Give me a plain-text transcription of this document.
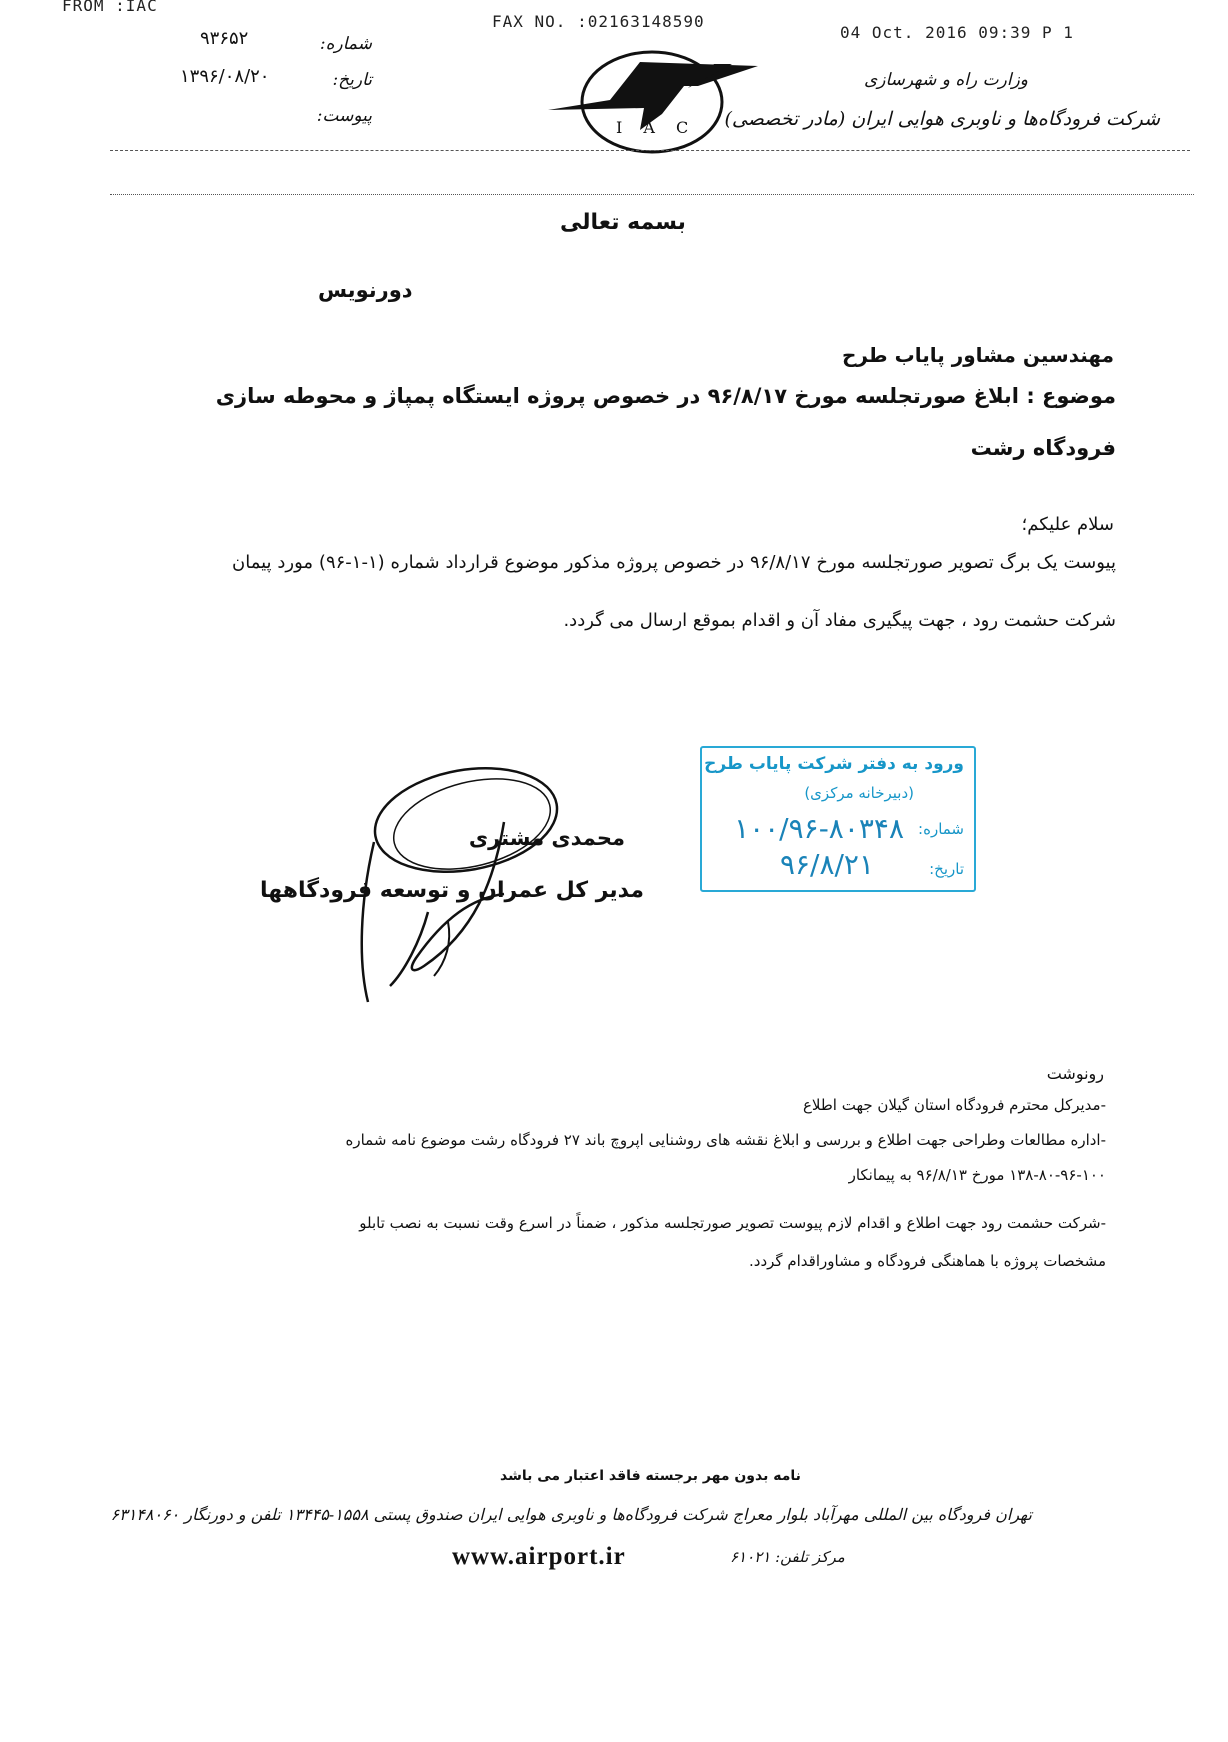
FROM :IAC
FAX NO. :02163148590
04 Oct. 2016 09:39 P 1
۹۳۶۵۲	شماره:
۱۳۹۶/۰۸/۲۰	تاریخ:
پیوست:
I A C
وزارت راه و شهرسازی
شرکت فرودگاه‌ها و ناوبری هوایی ایران (مادر تخصصی)
بسمه تعالی
دورنویس
مهندسین مشاور پایاب طرح
موضوع : ابلاغ صورتجلسه مورخ ۹۶/۸/۱۷ در خصوص پروژه ایستگاه پمپاژ و محوطه سازی فرودگاه رشت
سلام علیکم؛
پیوست یک برگ تصویر صورتجلسه مورخ ۹۶/۸/۱۷ در خصوص پروژه مذکور موضوع قرارداد شماره (۱-۱-۹۶) مورد پیمان شرکت حشمت رود ، جهت پیگیری مفاد آن و اقدام بموقع ارسال می گردد.
ورود به دفتر شرکت پایاب طرح
(دبیرخانه مرکزی)
شماره:
۱۰۰/۹۶-۸۰۳۴۸
تاریخ:
۹۶/۸/۲۱
محمدی مشتری
مدیر کل عمران و توسعه فرودگاهها
رونوشت
-مدیرکل محترم فرودگاه استان گیلان جهت اطلاع
-اداره مطالعات وطراحی جهت اطلاع و بررسی و ابلاغ نقشه های روشنایی اپروچ باند ۲۷ فرودگاه رشت موضوع نامه شماره
۱۳۸-۸۰-۹۶-۱۰۰ مورخ ۹۶/۸/۱۳ به پیمانکار
-شرکت حشمت رود جهت اطلاع و اقدام لازم پیوست تصویر صورتجلسه مذکور ، ضمناً در اسرع وقت نسبت به نصب تابلو
مشخصات پروژه با هماهنگی فرودگاه و مشاوراقدام گردد.
نامه بدون مهر برجسته فاقد اعتبار می باشد
تهران فرودگاه بین المللی مهرآباد بلوار معراج شرکت فرودگاه‌ها و ناوبری هوایی ایران صندوق پستی ۱۵۵۸-۱۳۴۴۵ تلفن و دورنگار ۶۳۱۴۸۰۶۰
مرکز تلفن: ۶۱۰۲۱
www.airport.ir
